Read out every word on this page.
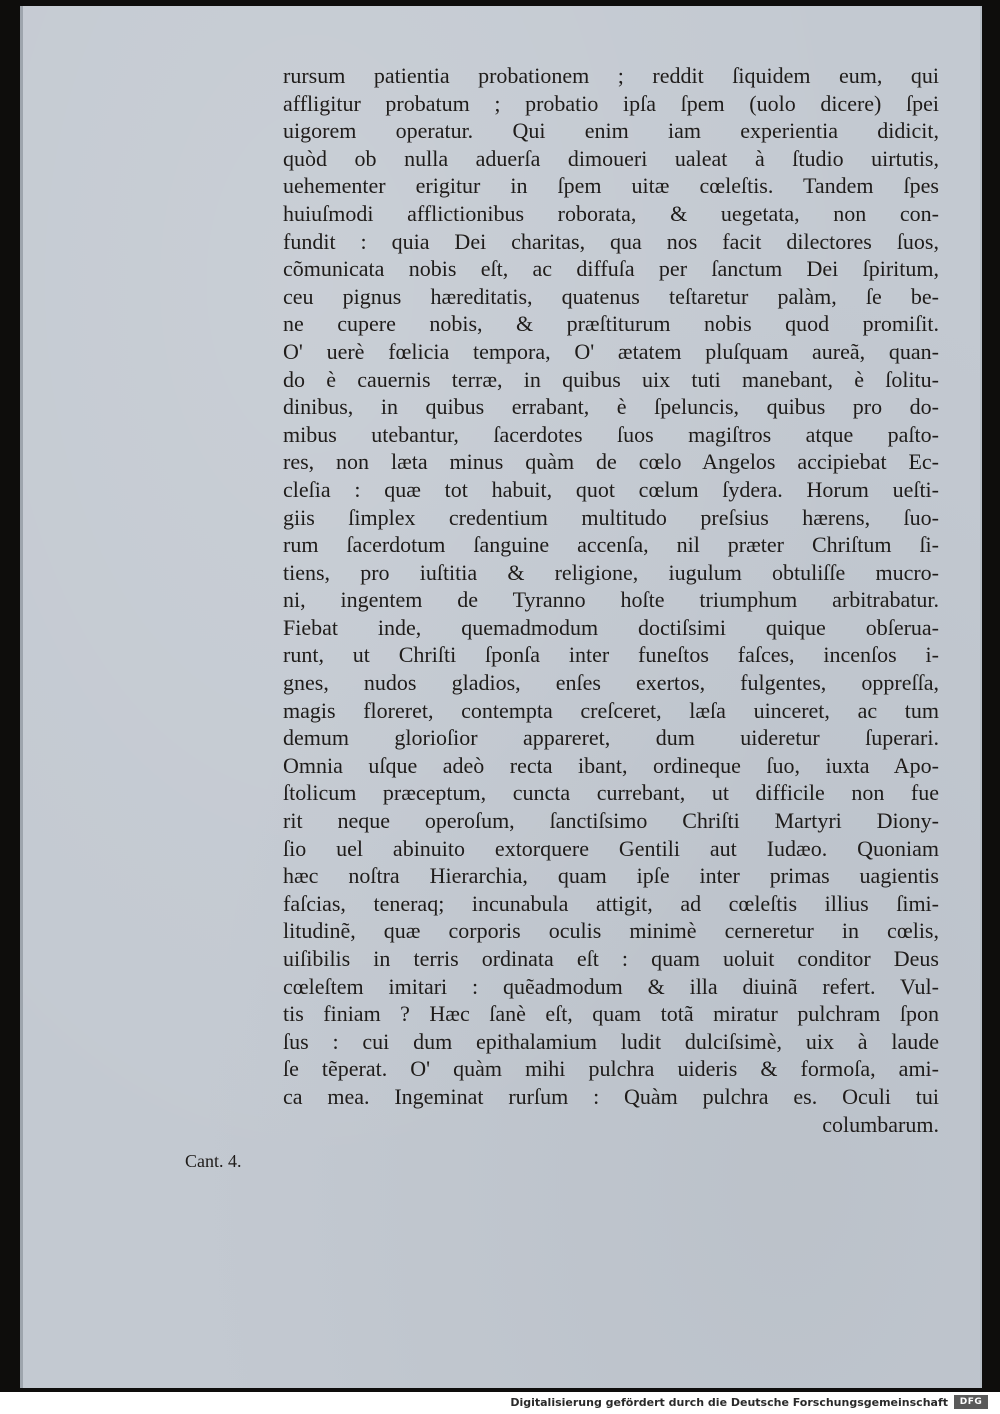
rursum patientia probationem ; reddit ſiquidem eum, qui
affligitur probatum ; probatio ipſa ſpem (uolo dicere) ſpei
uigorem operatur. Qui enim iam experientia didicit,
quòd ob nulla aduerſa dimoueri ualeat à ſtudio uirtutis,
uehementer erigitur in ſpem uitæ cœleſtis. Tandem ſpes
huiuſmodi afflictionibus roborata, & uegetata, non con-
fundit : quia Dei charitas, qua nos facit dilectores ſuos,
cõmunicata nobis eſt, ac diffuſa per ſanctum Dei ſpiritum,
ceu pignus hæreditatis, quatenus teſtaretur palàm, ſe be-
ne cupere nobis, & præſtiturum nobis quod promiſit.
O' uerè fœlicia tempora, O' ætatem pluſquam aureã, quan-
do è cauernis terræ, in quibus uix tuti manebant, è ſolitu-
dinibus, in quibus errabant, è ſpeluncis, quibus pro do-
mibus utebantur, ſacerdotes ſuos magiſtros atque paſto-
res, non læta minus quàm de cœlo Angelos accipiebat Ec-
cleſia : quæ tot habuit, quot cœlum ſydera. Horum ueſti-
giis ſimplex credentium multitudo preſsius hærens, ſuo-
rum ſacerdotum ſanguine accenſa, nil præter Chriſtum ſi-
tiens, pro iuſtitia & religione, iugulum obtuliſſe mucro-
ni, ingentem de Tyranno hoſte triumphum arbitrabatur.
Fiebat inde, quemadmodum doctiſsimi quique obſerua-
runt, ut Chriſti ſponſa inter funeſtos faſces, incenſos i-
gnes, nudos gladios, enſes exertos, fulgentes, oppreſſa,
magis floreret, contempta creſceret, læſa uinceret, ac tum
demum glorioſior appareret, dum uideretur ſuperari.
Omnia uſque adeò recta ibant, ordineque ſuo, iuxta Apo-
ſtolicum præceptum, cuncta currebant, ut difficile non fue
rit neque operoſum, ſanctiſsimo Chriſti Martyri Diony-
ſio uel abinuito extorquere Gentili aut Iudæo. Quoniam
hæc noſtra Hierarchia, quam ipſe inter primas uagientis
faſcias, teneraq; incunabula attigit, ad cœleſtis illius ſimi-
litudinẽ, quæ corporis oculis minimè cerneretur in cœlis,
uiſibilis in terris ordinata eſt : quam uoluit conditor Deus
cœleſtem imitari : quẽadmodum & illa diuinã refert. Vul-
tis finiam ? Hæc ſanè eſt, quam totã miratur pulchram ſpon
ſus : cui dum epithalamium ludit dulciſsimè, uix à laude
ſe tẽperat. O' quàm mihi pulchra uideris & formoſa, ami-
ca mea. Ingeminat rurſum : Quàm pulchra es. Oculi tui
columbarum.
Cant. 4.
Digitalisierung gefördert durch die Deutsche Forschungsgemeinschaft	DFG
